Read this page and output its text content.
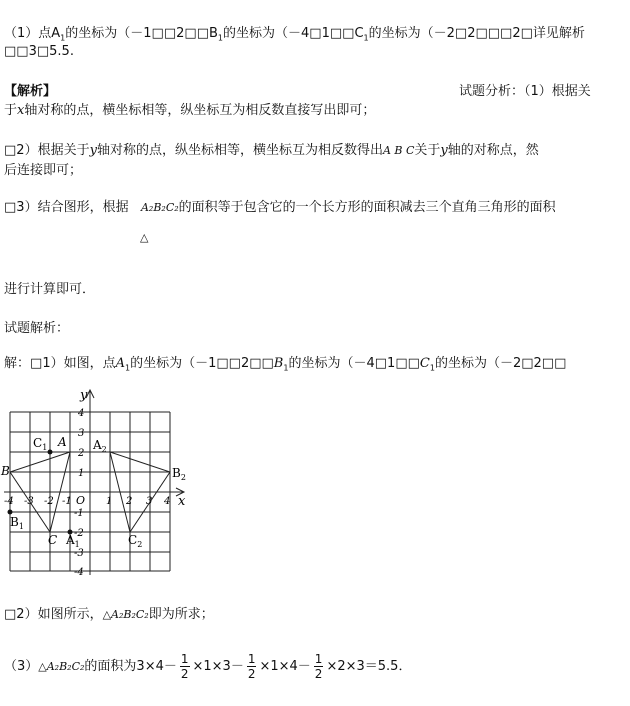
（1）点$A_1$的坐标为（$-1□□2□□B_1$的坐标为（$-4□1□□C_1$的坐标为（－2□2□□□2□详见解析
□□3□5.5.
【解析】	试题分析：（1）根据关
于x轴对称的点，横坐标相等，纵坐标互为相反数直接写出即可；
□2）根据关于y轴对称的点，纵坐标相等，横坐标互为相反数得出A B C关于y轴的对称点，然
后连接即可；
□3）结合图形，根据 A₂B₂C₂的面积等于包含它的一个长方形的面积减去三个直角三角形的面积
△
进行计算即可．
试题解析：
解：□1）如图，点$A_1$的坐标为（$-1□□2□□B_1$的坐标为（$-4□1□□C_1$的坐标为（－2□2□□
x
y
O
-4 -3 -2 -1	1 2 3 4
4
3
2
1
-1
-2
-3
-4
$C_1$ A $A_2$
B	$B_2$
$B_1$
C $A_1$	$C_2$
□2）如图所示，△A₂B₂C₂即为所求；
（3）△A₂B₂C₂的面积为$3\times 4- \frac{1}{2} \times 1\times 3- \frac{1}{2} \times 1\times 4- \frac{1}{2} \times 2\times 3=5.5$．
